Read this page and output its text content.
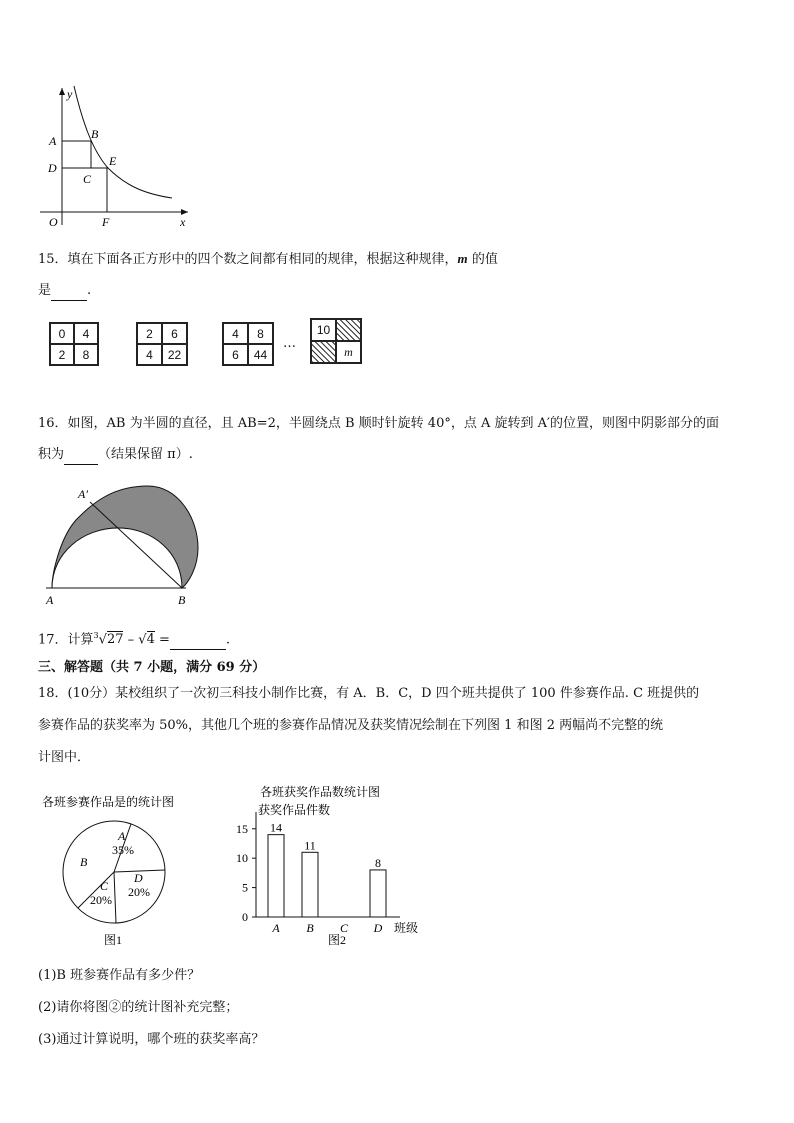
y
x
O
A	B
C
D	E
F
15．填在下面各正方形中的四个数之间都有相同的规律，根据这种规律，m 的值
是	.
0	4
2	8
2	6
4	22
4	8
6	44
…
10
m
16．如图，AB 为半圆的直径，且 AB=2，半圆绕点 B 顺时针旋转 40°，点 A 旋转到 A′的位置，则图中阴影部分的面
积为	（结果保留 π）.
A′
A	B
17．计算$^3$√27 – √4 =	.
三、解答题（共 7 小题，满分 69 分）
18．(10分）某校组织了一次初三科技小制作比赛，有 A．B．C，D 四个班共提供了 100 件参赛作品. C 班提供的
参赛作品的获奖率为 50%，其他几个班的参赛作品情况及获奖情况绘制在下列图 1 和图 2 两幅尚不完整的统
计图中．
各班参赛作品是的统计图
A
35%
B
C
20%
D
20%
图1
各班获奖作品数统计图
获奖作品件数
0
5
10
15 14
A
11
B C
8
D 班级
图2
(1)B 班参赛作品有多少件？
(2)请你将图②的统计图补充完整；
(3)通过计算说明，哪个班的获奖率高？
